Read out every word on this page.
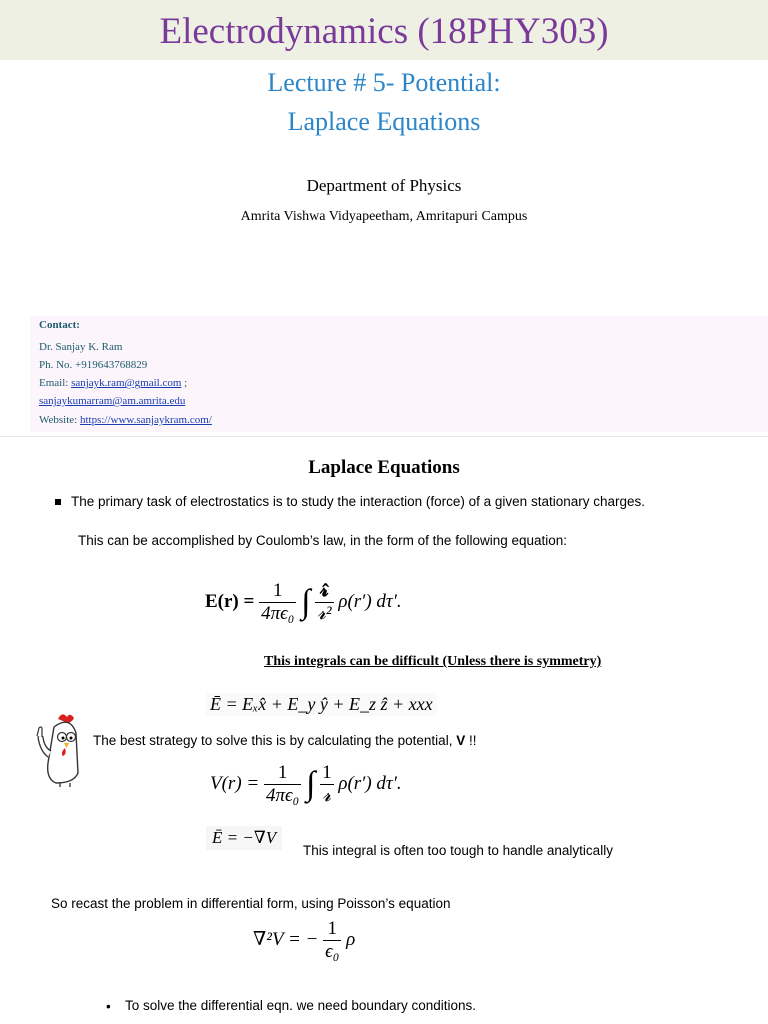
Electrodynamics (18PHY303)
Lecture # 5- Potential:
Laplace Equations
Department of Physics
Amrita Vishwa Vidyapeetham, Amritapuri Campus
Contact:
Dr. Sanjay K. Ram
Ph. No. +919643768829
Email: sanjayk.ram@gmail.com ;
sanjaykumarram@am.amrita.edu
Website: https://www.sanjaykram.com/
Laplace Equations
The primary task of electrostatics is to study the interaction (force) of a given stationary charges.
This can be accomplished by Coulomb’s law, in the form of the following equation:
$E(r) = \frac{1}{\text{4πϵ₀}}$ ∫ $\frac{\text{𝓻̂}}{\text{𝓻²}} \rho(r')$ dτ′.
This integrals can be difficult (Unless there is symmetry)
Ē = Eₓx̂ + E_y ŷ + E_z ẑ + xxx
The best strategy to solve this is by calculating the potential, V !!
$V(r) = \frac{1}{\text{4πϵ₀}}$ ∫ $\frac{1}{\text{𝓻}} \rho(r')$ dτ′.
Ē = −∇V
This integral is often too tough to handle analytically
So recast the problem in differential form, using Poisson’s equation
∇²V = − $\frac{1}{\text{ϵ₀}}$ ρ
• To solve the differential eqn. we need boundary conditions.
